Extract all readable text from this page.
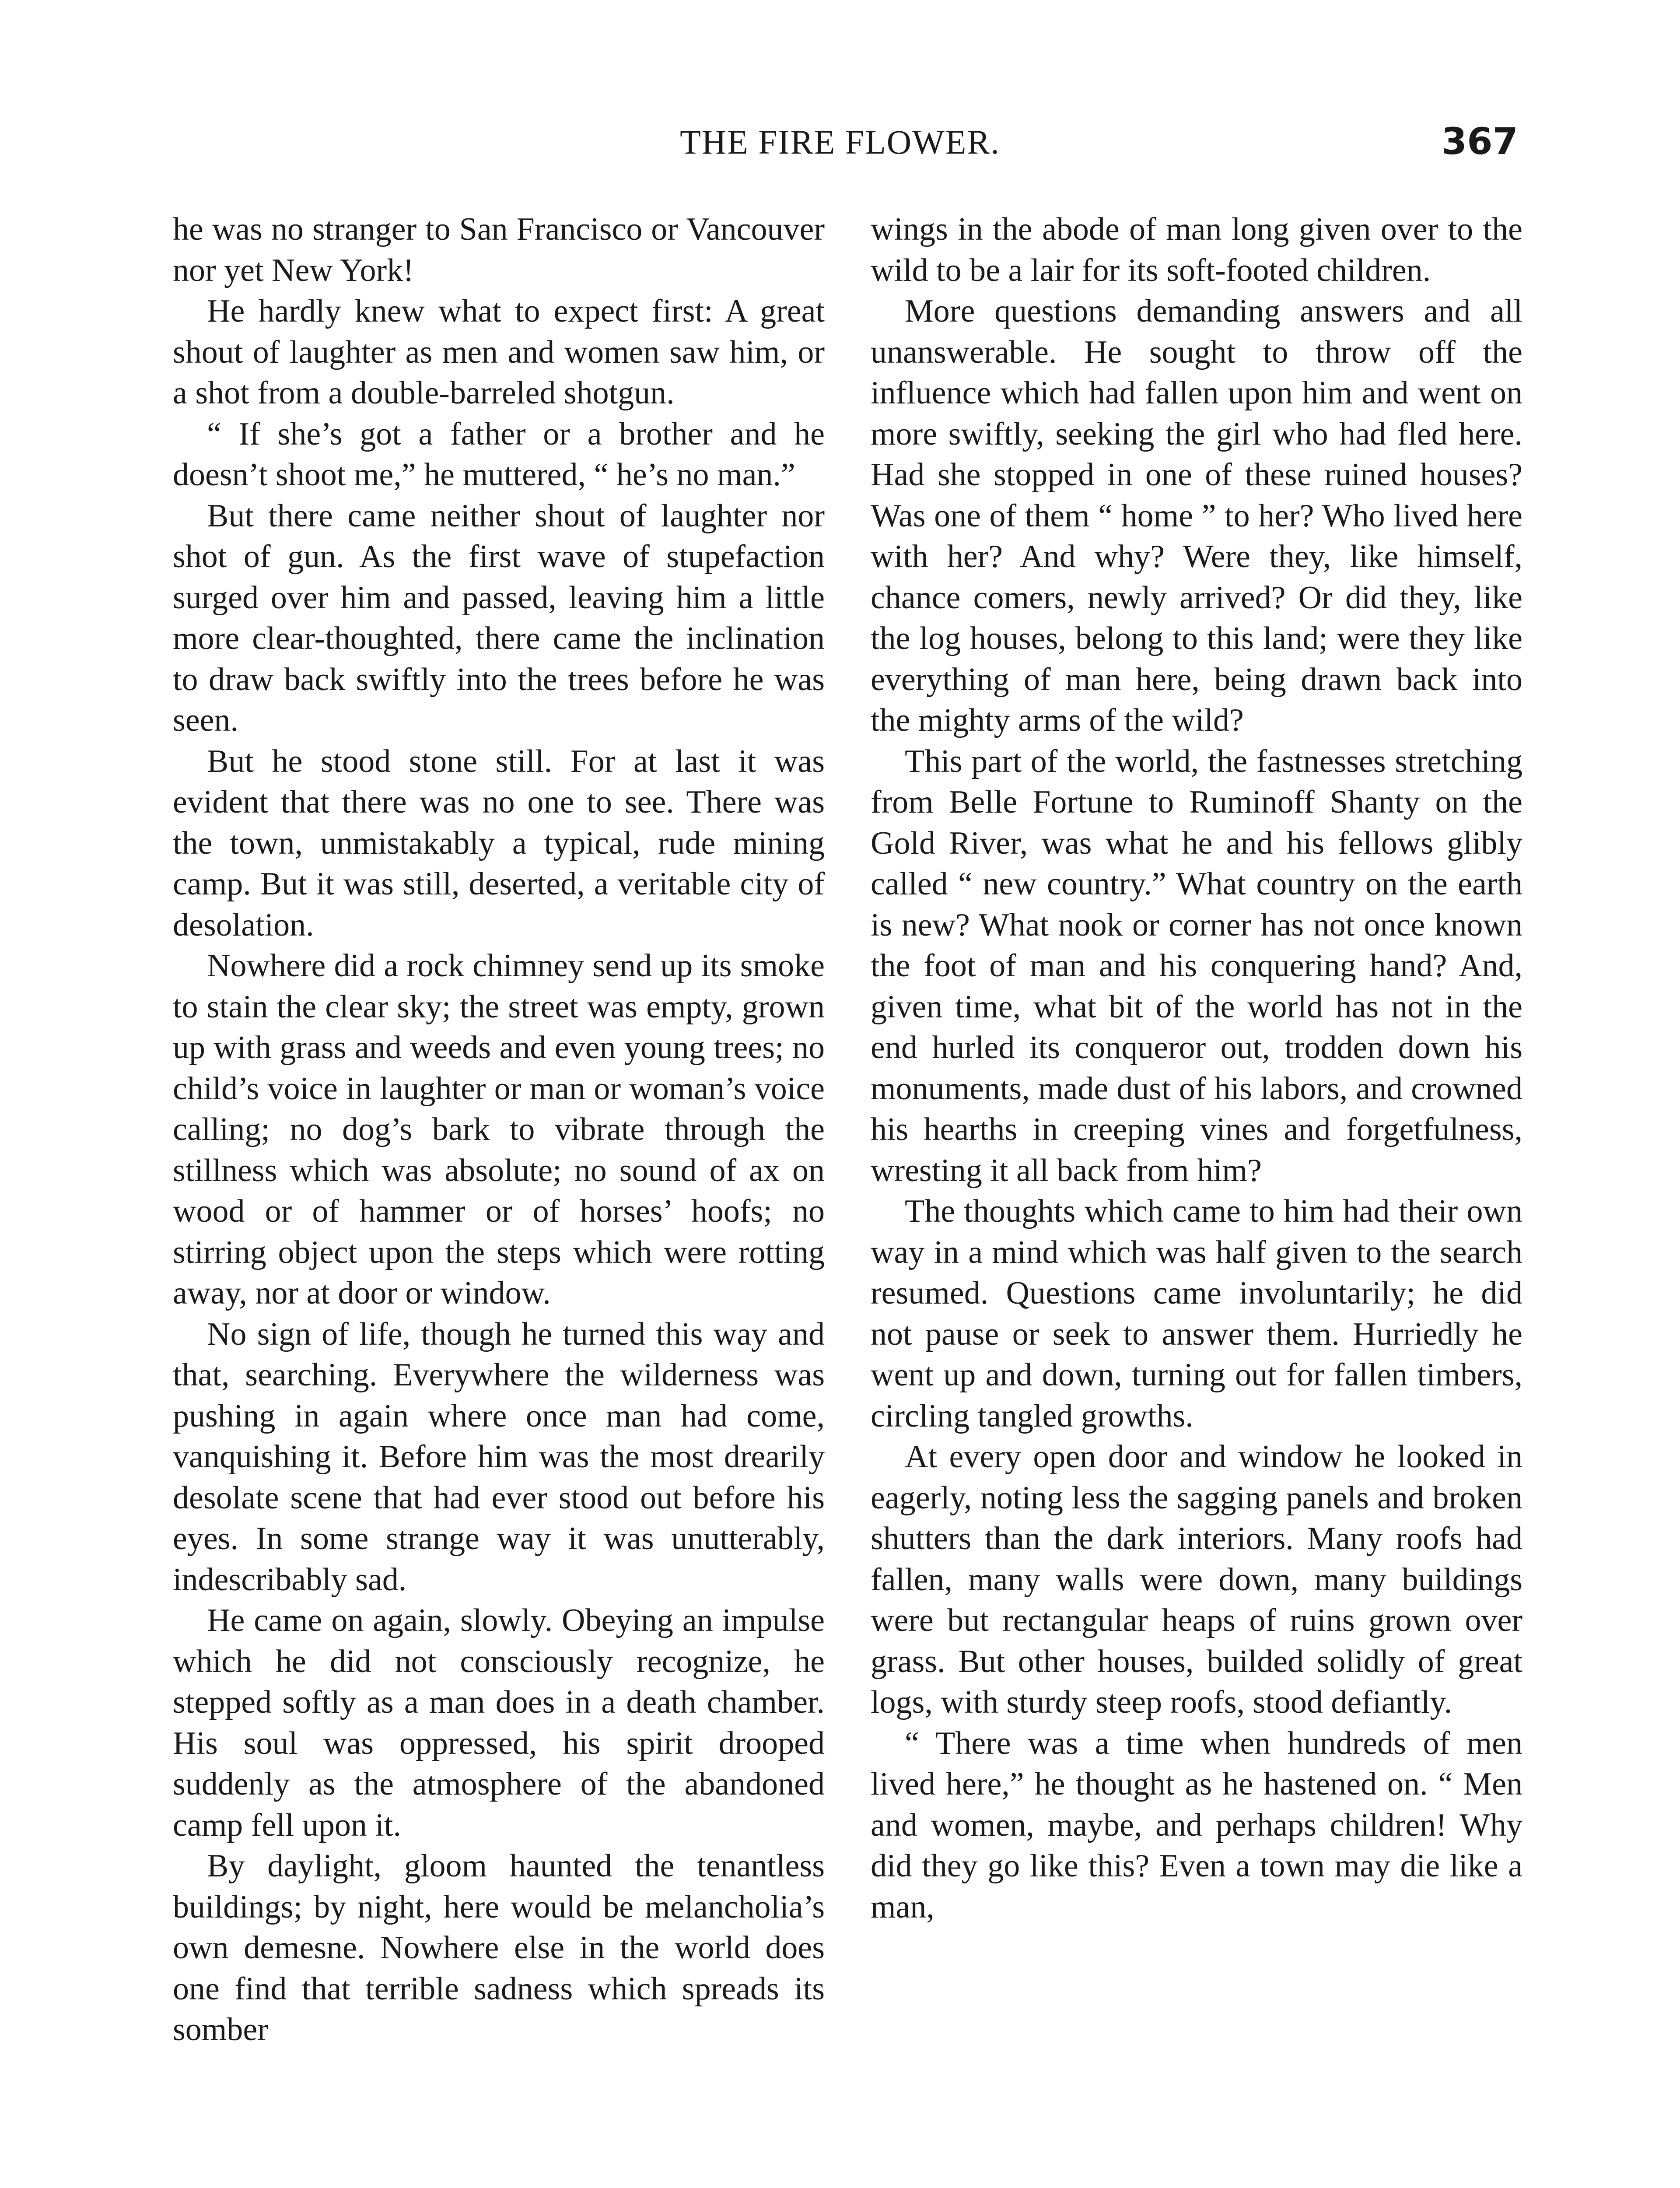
THE FIRE FLOWER.	367

he was no stranger to San Francisco or Vancouver nor yet New York!

He hardly knew what to expect first: A great shout of laughter as men and women saw him, or a shot from a double-barreled shotgun.

“ If she’s got a father or a brother and he doesn’t shoot me,” he muttered, “ he’s no man.”

But there came neither shout of laughter nor shot of gun. As the first wave of stupefaction surged over him and passed, leaving him a little more clear-thoughted, there came the inclination to draw back swiftly into the trees before he was seen.

But he stood stone still. For at last it was evident that there was no one to see. There was the town, unmistakably a typical, rude mining camp. But it was still, deserted, a veritable city of desolation.

Nowhere did a rock chimney send up its smoke to stain the clear sky; the street was empty, grown up with grass and weeds and even young trees; no child’s voice in laughter or man or woman’s voice calling; no dog’s bark to vibrate through the stillness which was absolute; no sound of ax on wood or of hammer or of horses’ hoofs; no stirring object upon the steps which were rotting away, nor at door or window.

No sign of life, though he turned this way and that, searching. Everywhere the wilderness was pushing in again where once man had come, vanquishing it. Before him was the most drearily desolate scene that had ever stood out before his eyes. In some strange way it was unutterably, indescribably sad.

He came on again, slowly. Obeying an impulse which he did not consciously recognize, he stepped softly as a man does in a death chamber. His soul was oppressed, his spirit drooped suddenly as the atmosphere of the abandoned camp fell upon it.

By daylight, gloom haunted the tenantless buildings; by night, here would be melancholia’s own demesne. Nowhere else in the world does one find that terrible sadness which spreads its somber

wings in the abode of man long given over to the wild to be a lair for its soft-footed children.

More questions demanding answers and all unanswerable. He sought to throw off the influence which had fallen upon him and went on more swiftly, seeking the girl who had fled here. Had she stopped in one of these ruined houses? Was one of them “ home ” to her? Who lived here with her? And why? Were they, like himself, chance comers, newly arrived? Or did they, like the log houses, belong to this land; were they like everything of man here, being drawn back into the mighty arms of the wild?

This part of the world, the fastnesses stretching from Belle Fortune to Ruminoff Shanty on the Gold River, was what he and his fellows glibly called “ new country.” What country on the earth is new? What nook or corner has not once known the foot of man and his conquering hand? And, given time, what bit of the world has not in the end hurled its conqueror out, trodden down his monuments, made dust of his labors, and crowned his hearths in creeping vines and forgetfulness, wresting it all back from him?

The thoughts which came to him had their own way in a mind which was half given to the search resumed. Questions came involuntarily; he did not pause or seek to answer them. Hurriedly he went up and down, turning out for fallen timbers, circling tangled growths.

At every open door and window he looked in eagerly, noting less the sagging panels and broken shutters than the dark interiors. Many roofs had fallen, many walls were down, many buildings were but rectangular heaps of ruins grown over grass. But other houses, builded solidly of great logs, with sturdy steep roofs, stood defiantly.

“ There was a time when hundreds of men lived here,” he thought as he hastened on. “ Men and women, maybe, and perhaps children! Why did they go like this? Even a town may die like a man,
